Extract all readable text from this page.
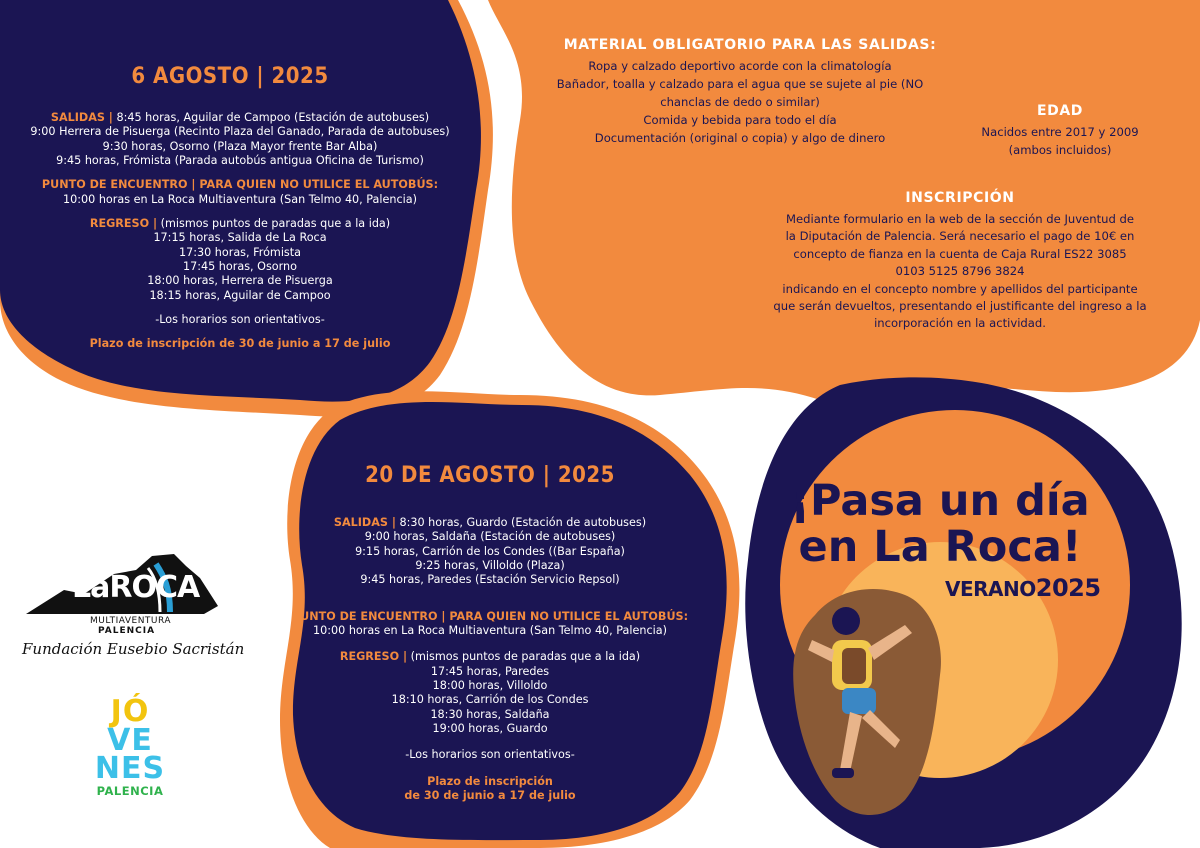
6 AGOSTO | 2025
SALIDAS | 8:45 horas, Aguilar de Campoo (Estación de autobuses)
9:00 Herrera de Pisuerga (Recinto Plaza del Ganado, Parada de autobuses)
9:30 horas, Osorno (Plaza Mayor frente Bar Alba)
9:45 horas, Frómista (Parada autobús antigua Oficina de Turismo)
PUNTO DE ENCUENTRO | PARA QUIEN NO UTILICE EL AUTOBÚS:
10:00 horas en La Roca Multiaventura (San Telmo 40, Palencia)
REGRESO | (mismos puntos de paradas que a la ida)
17:15 horas, Salida de La Roca
17:30 horas, Frómista
17:45 horas, Osorno
18:00 horas, Herrera de Pisuerga
18:15 horas, Aguilar de Campoo
-Los horarios son orientativos-
Plazo de inscripción de 30 de junio a 17 de julio
20 DE AGOSTO | 2025
SALIDAS | 8:30 horas, Guardo (Estación de autobuses)
9:00 horas, Saldaña (Estación de autobuses)
9:15 horas, Carrión de los Condes ((Bar España)
9:25 horas, Villoldo (Plaza)
9:45 horas, Paredes (Estación Servicio Repsol)
PUNTO DE ENCUENTRO | PARA QUIEN NO UTILICE EL AUTOBÚS:
10:00 horas en La Roca Multiaventura (San Telmo 40, Palencia)
REGRESO | (mismos puntos de paradas que a la ida)
17:45 horas, Paredes
18:00 horas, Villoldo
18:10 horas, Carrión de los Condes
18:30 horas, Saldaña
19:00 horas, Guardo
-Los horarios son orientativos-
Plazo de inscripción
de 30 de junio a 17 de julio
MATERIAL OBLIGATORIO PARA LAS SALIDAS:
Ropa y calzado deportivo acorde con la climatología
Bañador, toalla y calzado para el agua que se sujete al pie (NO
chanclas de dedo o similar)
Comida y bebida para todo el día
Documentación (original o copia) y algo de dinero
EDAD
Nacidos entre 2017 y 2009
(ambos incluidos)
INSCRIPCIÓN
Mediante formulario en la web de la sección de Juventud de
la Diputación de Palencia. Será necesario el pago de 10€ en
concepto de fianza en la cuenta de Caja Rural ES22 3085
0103 5125 8796 3824
indicando en el concepto nombre y apellidos del participante
que serán devueltos, presentando el justificante del ingreso a la
incorporación en la actividad.
¡Pasa un día
en La Roca!
VERANO2025
LaROCA
MULTIAVENTURA
PALENCIA
Fundación Eusebio Sacristán
JÓ
VE
NES
PALENCIA
